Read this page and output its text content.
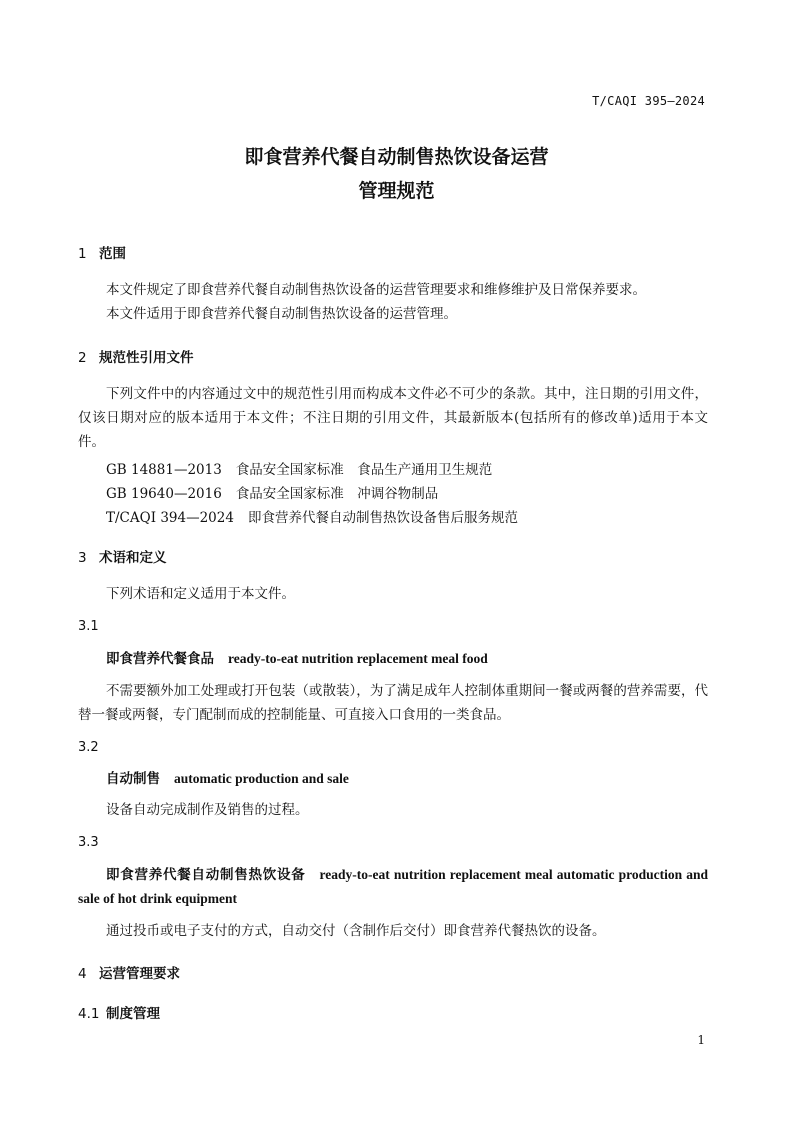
T/CAQI 395—2024
即食营养代餐自动制售热饮设备运营
管理规范
1 范围
本文件规定了即食营养代餐自动制售热饮设备的运营管理要求和维修维护及日常保养要求。
本文件适用于即食营养代餐自动制售热饮设备的运营管理。
2 规范性引用文件
下列文件中的内容通过文中的规范性引用而构成本文件必不可少的条款。其中，注日期的引用文件，仅该日期对应的版本适用于本文件；不注日期的引用文件，其最新版本(包括所有的修改单)适用于本文件。
GB 14881—2013 食品安全国家标准　食品生产通用卫生规范
GB 19640—2016 食品安全国家标准　冲调谷物制品
T/CAQI 394—2024 即食营养代餐自动制售热饮设备售后服务规范
3 术语和定义
下列术语和定义适用于本文件。
3.1
即食营养代餐食品 ready-to-eat nutrition replacement meal food
不需要额外加工处理或打开包装（或散装），为了满足成年人控制体重期间一餐或两餐的营养需要，代替一餐或两餐，专门配制而成的控制能量、可直接入口食用的一类食品。
3.2
自动制售 automatic production and sale
设备自动完成制作及销售的过程。
3.3
即食营养代餐自动制售热饮设备 ready-to-eat nutrition replacement meal automatic production and sale of hot drink equipment
通过投币或电子支付的方式，自动交付（含制作后交付）即食营养代餐热饮的设备。
4 运营管理要求
4.1 制度管理
1
